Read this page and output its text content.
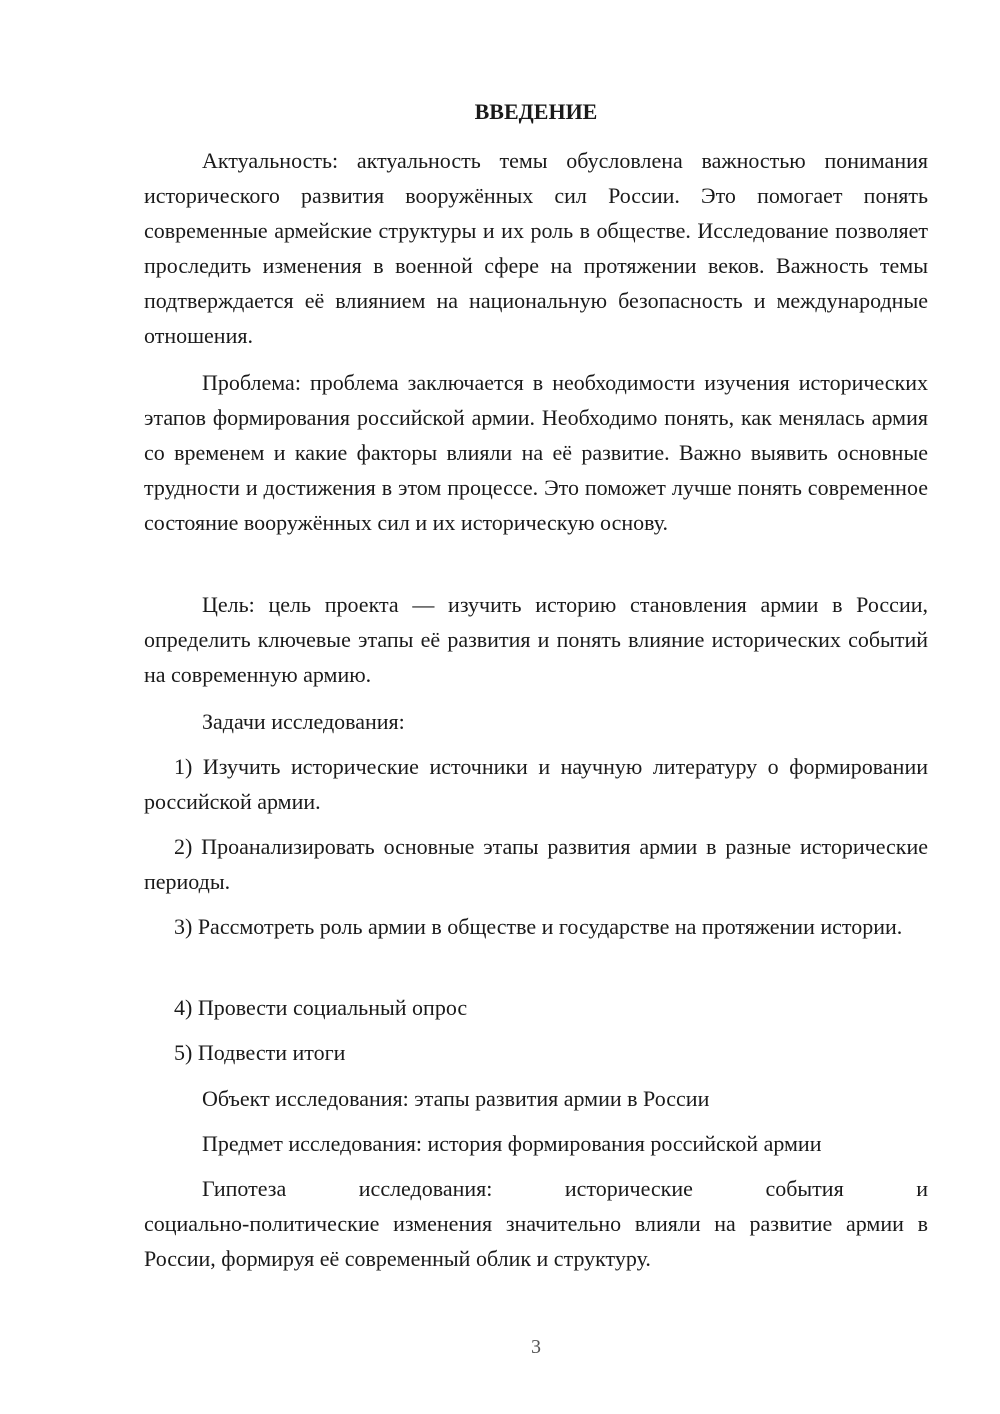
ВВЕДЕНИЕ

Актуальность: актуальность темы обусловлена важностью понимания исторического развития вооружённых сил России. Это помогает понять современные армейские структуры и их роль в обществе. Исследование позволяет проследить изменения в военной сфере на протяжении веков. Важность темы подтверждается её влиянием на национальную безопасность и международные отношения.

Проблема: проблема заключается в необходимости изучения исторических этапов формирования российской армии. Необходимо понять, как менялась армия со временем и какие факторы влияли на её развитие. Важно выявить основные трудности и достижения в этом процессе. Это поможет лучше понять современное состояние вооружённых сил и их историческую основу.

Цель: цель проекта — изучить историю становления армии в России, определить ключевые этапы её развития и понять влияние исторических событий на современную армию.

Задачи исследования:

1) Изучить исторические источники и научную литературу о формировании российской армии.

2) Проанализировать основные этапы развития армии в разные исторические периоды.

3) Рассмотреть роль армии в обществе и государстве на протяжении истории.

4) Провести социальный опрос

5) Подвести итоги

Объект исследования: этапы развития армии в России

Предмет исследования: история формирования российской армии

Гипотеза исследования: исторические события и

социально-политические изменения значительно влияли на развитие армии в России, формируя её современный облик и структуру.

3
